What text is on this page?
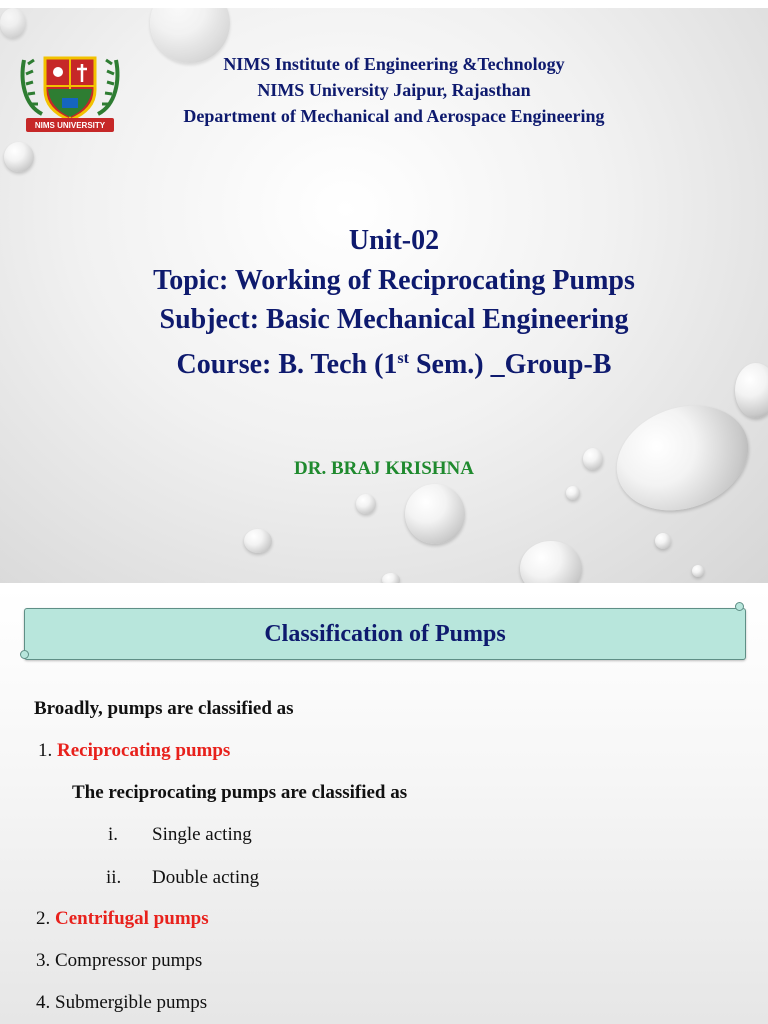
NIMS UNIVERSITY
NIMS Institute of Engineering &Technology
NIMS University Jaipur, Rajasthan
Department of Mechanical and Aerospace Engineering
Unit-02
Topic: Working of Reciprocating Pumps
Subject: Basic Mechanical Engineering
Course: B. Tech (1st Sem.) _Group-B
DR. BRAJ KRISHNA
Classification of Pumps
Broadly, pumps are classified as
1. Reciprocating pumps
The reciprocating pumps are classified as
i. Single acting
ii. Double acting
2. Centrifugal pumps
3. Compressor pumps
4. Submergible pumps
